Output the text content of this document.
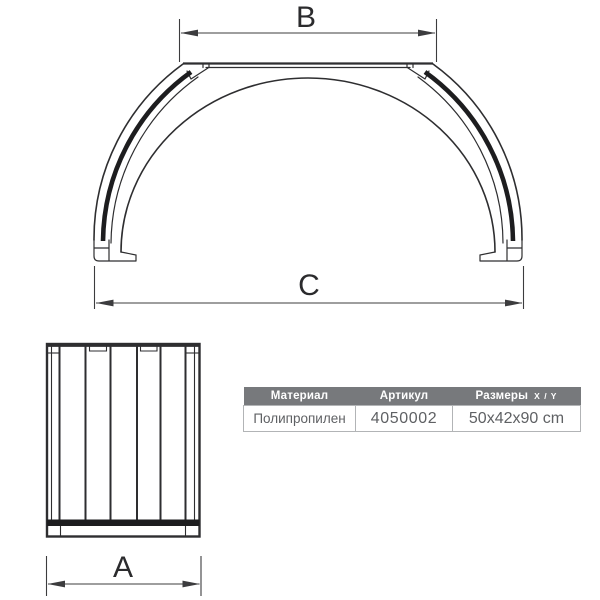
B
C
A
Материал	Артикул	Размеры X / Y
Полипропилен	4050002	50x42x90 cm
